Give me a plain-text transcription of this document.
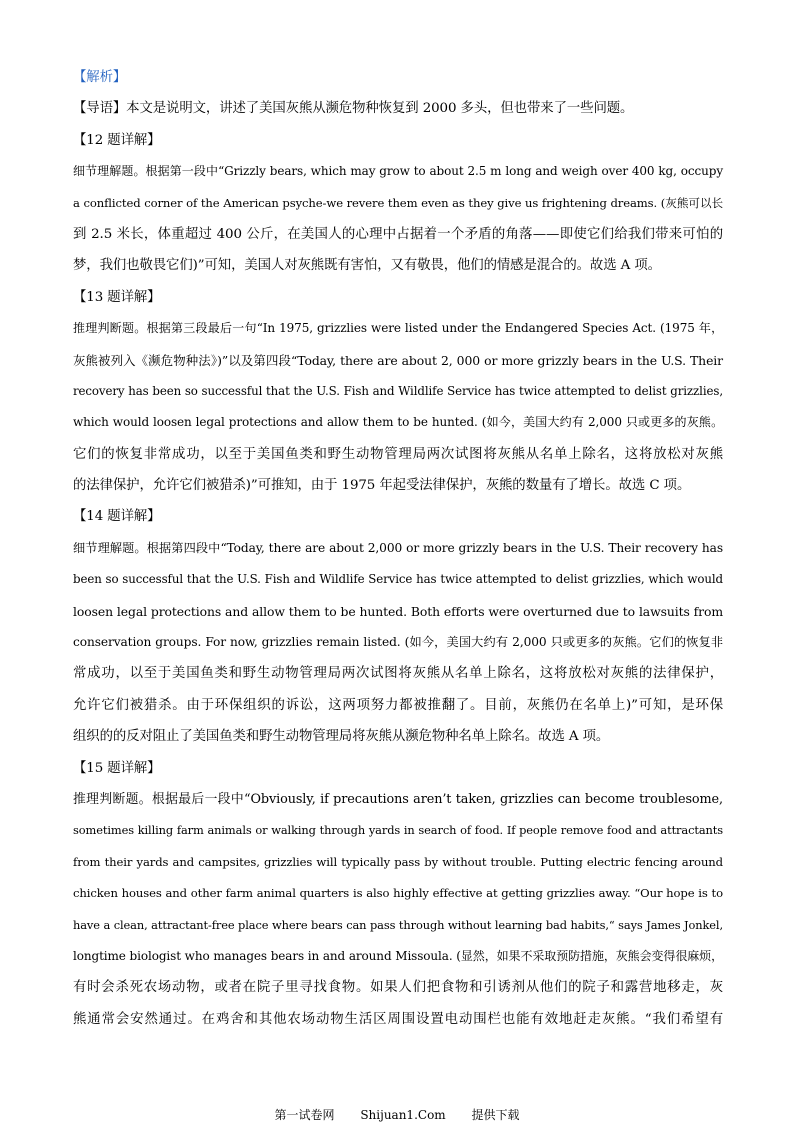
【解析】
【导语】本文是说明文，讲述了美国灰熊从濒危物种恢复到 2000 多头，但也带来了一些问题。
【12 题详解】
细节理解题。根据第一段中“Grizzly bears, which may grow to about 2.5 m long and weigh over 400 kg, occupy
a conflicted corner of the American psyche-we revere them even as they give us frightening dreams. (灰熊可以长
到 2.5 米长，体重超过 400 公斤，在美国人的心理中占据着一个矛盾的角落——即使它们给我们带来可怕的
梦，我们也敬畏它们)”可知，美国人对灰熊既有害怕，又有敬畏，他们的情感是混合的。故选 A 项。
【13 题详解】
推理判断题。根据第三段最后一句“In 1975, grizzlies were listed under the Endangered Species Act. (1975 年，
灰熊被列入《濒危物种法》)”以及第四段“Today, there are about 2, 000 or more grizzly bears in the U.S. Their
recovery has been so successful that the U.S. Fish and Wildlife Service has twice attempted to delist grizzlies,
which would loosen legal protections and allow them to be hunted. (如今，美国大约有 2,000 只或更多的灰熊。
它们的恢复非常成功，以至于美国鱼类和野生动物管理局两次试图将灰熊从名单上除名，这将放松对灰熊
的法律保护，允许它们被猎杀)”可推知，由于 1975 年起受法律保护，灰熊的数量有了增长。故选 C 项。
【14 题详解】
细节理解题。根据第四段中“Today, there are about 2,000 or more grizzly bears in the U.S. Their recovery has
been so successful that the U.S. Fish and Wildlife Service has twice attempted to delist grizzlies, which would
loosen legal protections and allow them to be hunted. Both efforts were overturned due to lawsuits from
conservation groups. For now, grizzlies remain listed. (如今，美国大约有 2,000 只或更多的灰熊。它们的恢复非
常成功，以至于美国鱼类和野生动物管理局两次试图将灰熊从名单上除名，这将放松对灰熊的法律保护，
允许它们被猎杀。由于环保组织的诉讼，这两项努力都被推翻了。目前，灰熊仍在名单上)”可知，是环保
组织的的反对阻止了美国鱼类和野生动物管理局将灰熊从濒危物种名单上除名。故选 A 项。
【15 题详解】
推理判断题。根据最后一段中“Obviously, if precautions aren’t taken, grizzlies can become troublesome,
sometimes killing farm animals or walking through yards in search of food. If people remove food and attractants
from their yards and campsites, grizzlies will typically pass by without trouble. Putting electric fencing around
chicken houses and other farm animal quarters is also highly effective at getting grizzlies away. “Our hope is to
have a clean, attractant-free place where bears can pass through without learning bad habits,“ says James Jonkel,
longtime biologist who manages bears in and around Missoula. (显然，如果不采取预防措施，灰熊会变得很麻烦，
有时会杀死农场动物，或者在院子里寻找食物。如果人们把食物和引诱剂从他们的院子和露营地移走，灰
熊通常会安然通过。在鸡舍和其他农场动物生活区周围设置电动围栏也能有效地赶走灰熊。“我们希望有
第一试卷网 Shijuan1.Com 提供下载
